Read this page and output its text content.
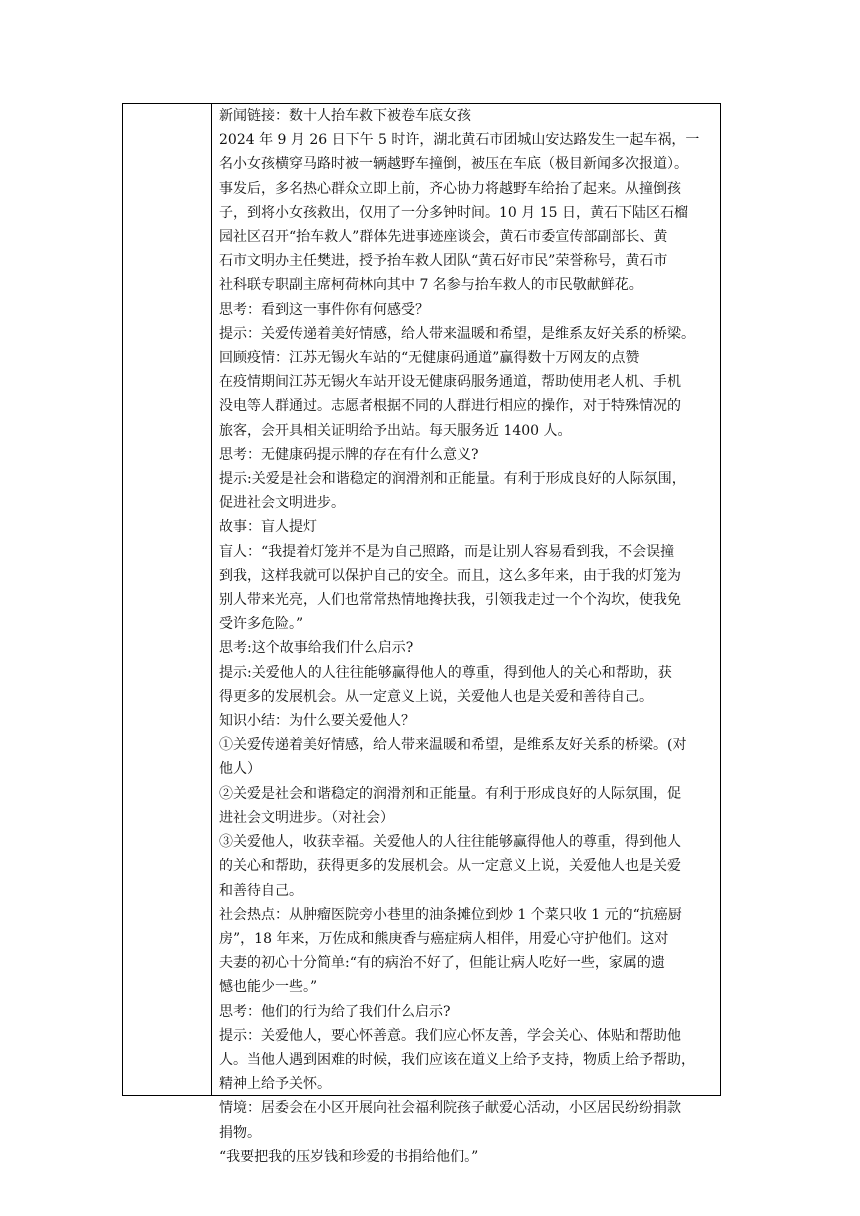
新闻链接：数十人抬车救下被卷车底女孩

2024 年 9 月 26 日下午 5 时许，湖北黄石市团城山安达路发生一起车祸，一

名小女孩横穿马路时被一辆越野车撞倒，被压在车底（极目新闻多次报道）。

事发后，多名热心群众立即上前，齐心协力将越野车给抬了起来。从撞倒孩

子，到将小女孩救出，仅用了一分多钟时间。10 月 15 日，黄石下陆区石榴

园社区召开“抬车救人”群体先进事迹座谈会，黄石市委宣传部副部长、黄

石市文明办主任樊进，授予抬车救人团队“黄石好市民”荣誉称号，黄石市

社科联专职副主席柯荷林向其中 7 名参与抬车救人的市民敬献鲜花。

思考：看到这一事件你有何感受？

提示：关爱传递着美好情感，给人带来温暖和希望，是维系友好关系的桥梁。

回顾疫情：江苏无锡火车站的“无健康码通道”赢得数十万网友的点赞

在疫情期间江苏无锡火车站开设无健康码服务通道，帮助使用老人机、手机

没电等人群通过。志愿者根据不同的人群进行相应的操作，对于特殊情况的

旅客，会开具相关证明给予出站。每天服务近 1400 人。

思考：无健康码提示牌的存在有什么意义?

提示:关爱是社会和谐稳定的润滑剂和正能量。有利于形成良好的人际氛围，

促进社会文明进步。

故事：盲人提灯

盲人：“我提着灯笼并不是为自己照路，而是让别人容易看到我，不会误撞

到我，这样我就可以保护自己的安全。而且，这么多年来，由于我的灯笼为

别人带来光亮，人们也常常热情地搀扶我，引领我走过一个个沟坎，使我免

受许多危险。”

思考:这个故事给我们什么启示?

提示:关爱他人的人往往能够赢得他人的尊重，得到他人的关心和帮助，获

得更多的发展机会。从一定意义上说，关爱他人也是关爱和善待自己。

知识小结：为什么要关爱他人？

①关爱传递着美好情感，给人带来温暖和希望，是维系友好关系的桥梁。(对

他人）

②关爱是社会和谐稳定的润滑剂和正能量。有利于形成良好的人际氛围，促

进社会文明进步。（对社会）

③关爱他人，收获幸福。关爱他人的人往往能够赢得他人的尊重，得到他人

的关心和帮助，获得更多的发展机会。从一定意义上说，关爱他人也是关爱

和善待自己。

社会热点：从肿瘤医院旁小巷里的油条摊位到炒 1 个菜只收 1 元的“抗癌厨

房”，18 年来，万佐成和熊庚香与癌症病人相伴，用爱心守护他们。这对

夫妻的初心十分简单:“有的病治不好了，但能让病人吃好一些，家属的遗

憾也能少一些。”

思考：他们的行为给了我们什么启示?

提示：关爱他人，要心怀善意。我们应心怀友善，学会关心、体贴和帮助他

人。当他人遇到困难的时候，我们应该在道义上给予支持，物质上给予帮助，

精神上给予关怀。

情境：居委会在小区开展向社会福利院孩子献爱心活动，小区居民纷纷捐款

捐物。

“我要把我的压岁钱和珍爱的书捐给他们。”
